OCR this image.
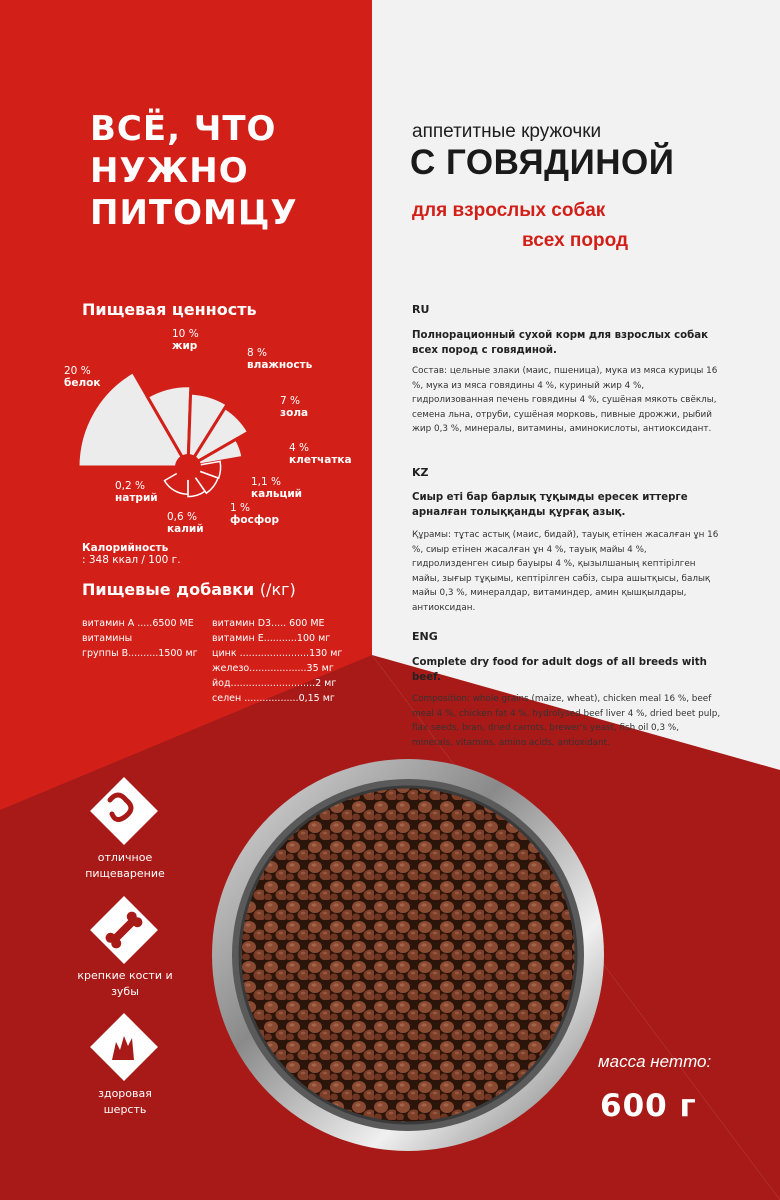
ВСЁ, ЧТО
НУЖНО
ПИТОМЦУ
Пищевая ценность
20 %

белок
10 %

жир
8 %

влажность
7 %

зола
4 %

клетчатка
1,1 %

кальций
1 %

фосфор
0,6 %

калий
0,2 %

натрий
Калорийность
: 348 ккал / 100 г.
Пищевые добавки (/кг)
витамин А .....6500 МЕ
витамины
группы В..........1500 мг
витамин D3..... 600 МЕ
витамин Е...........100 мг
цинк .......................130 мг
железо...................35 мг
йод............................2 мг
селен ..................0,15 мг
отличное пищеварение
крепкие кости и зубы
здоровая шерсть
аппетитные кружочки
С ГОВЯДИНОЙ
для взрослых собак
всех пород
RU
Полнорационный сухой корм для взрослых собак всех пород с говядиной.
Состав: цельные злаки (маис, пшеница), мука из мяса курицы 16 %, мука из мяса говядины 4 %, куриный жир 4 %, гидролизованная печень говядины 4 %, сушёная мякоть свёклы, семена льна, отруби, сушёная морковь, пивные дрожжи, рыбий жир 0,3 %, минералы, витамины, аминокислоты, антиоксидант.
KZ
Сиыр еті бар барлық тұқымды ересек иттерге арналған толыққанды құрғақ азық.
Құрамы: тұтас астық (маис, бидай), тауық етінен жасалған ұн 16 %, сиыр етінен жасалған ұн 4 %, тауық майы 4 %, гидролизденген сиыр бауыры 4 %, қызылшаның кептірілген майы, зығыр тұқымы, кептірілген сәбіз, сыра ашытқысы, балық майы 0,3 %, минералдар, витаминдер, амин қышқылдары, антиоксидан.
ENG
Complete dry food for adult dogs of all breeds with beef.
Composition: whole grains (maize, wheat), chicken meal 16 %, beef meal 4 %, chicken fat 4 %, hydrolysed beef liver 4 %, dried beet pulp, flax seeds, bran, dried carrots, brewer's yeast, fish oil 0,3 %, minerals, vitamins, amino acids, antioxidant.
масса нетто:
600 г
